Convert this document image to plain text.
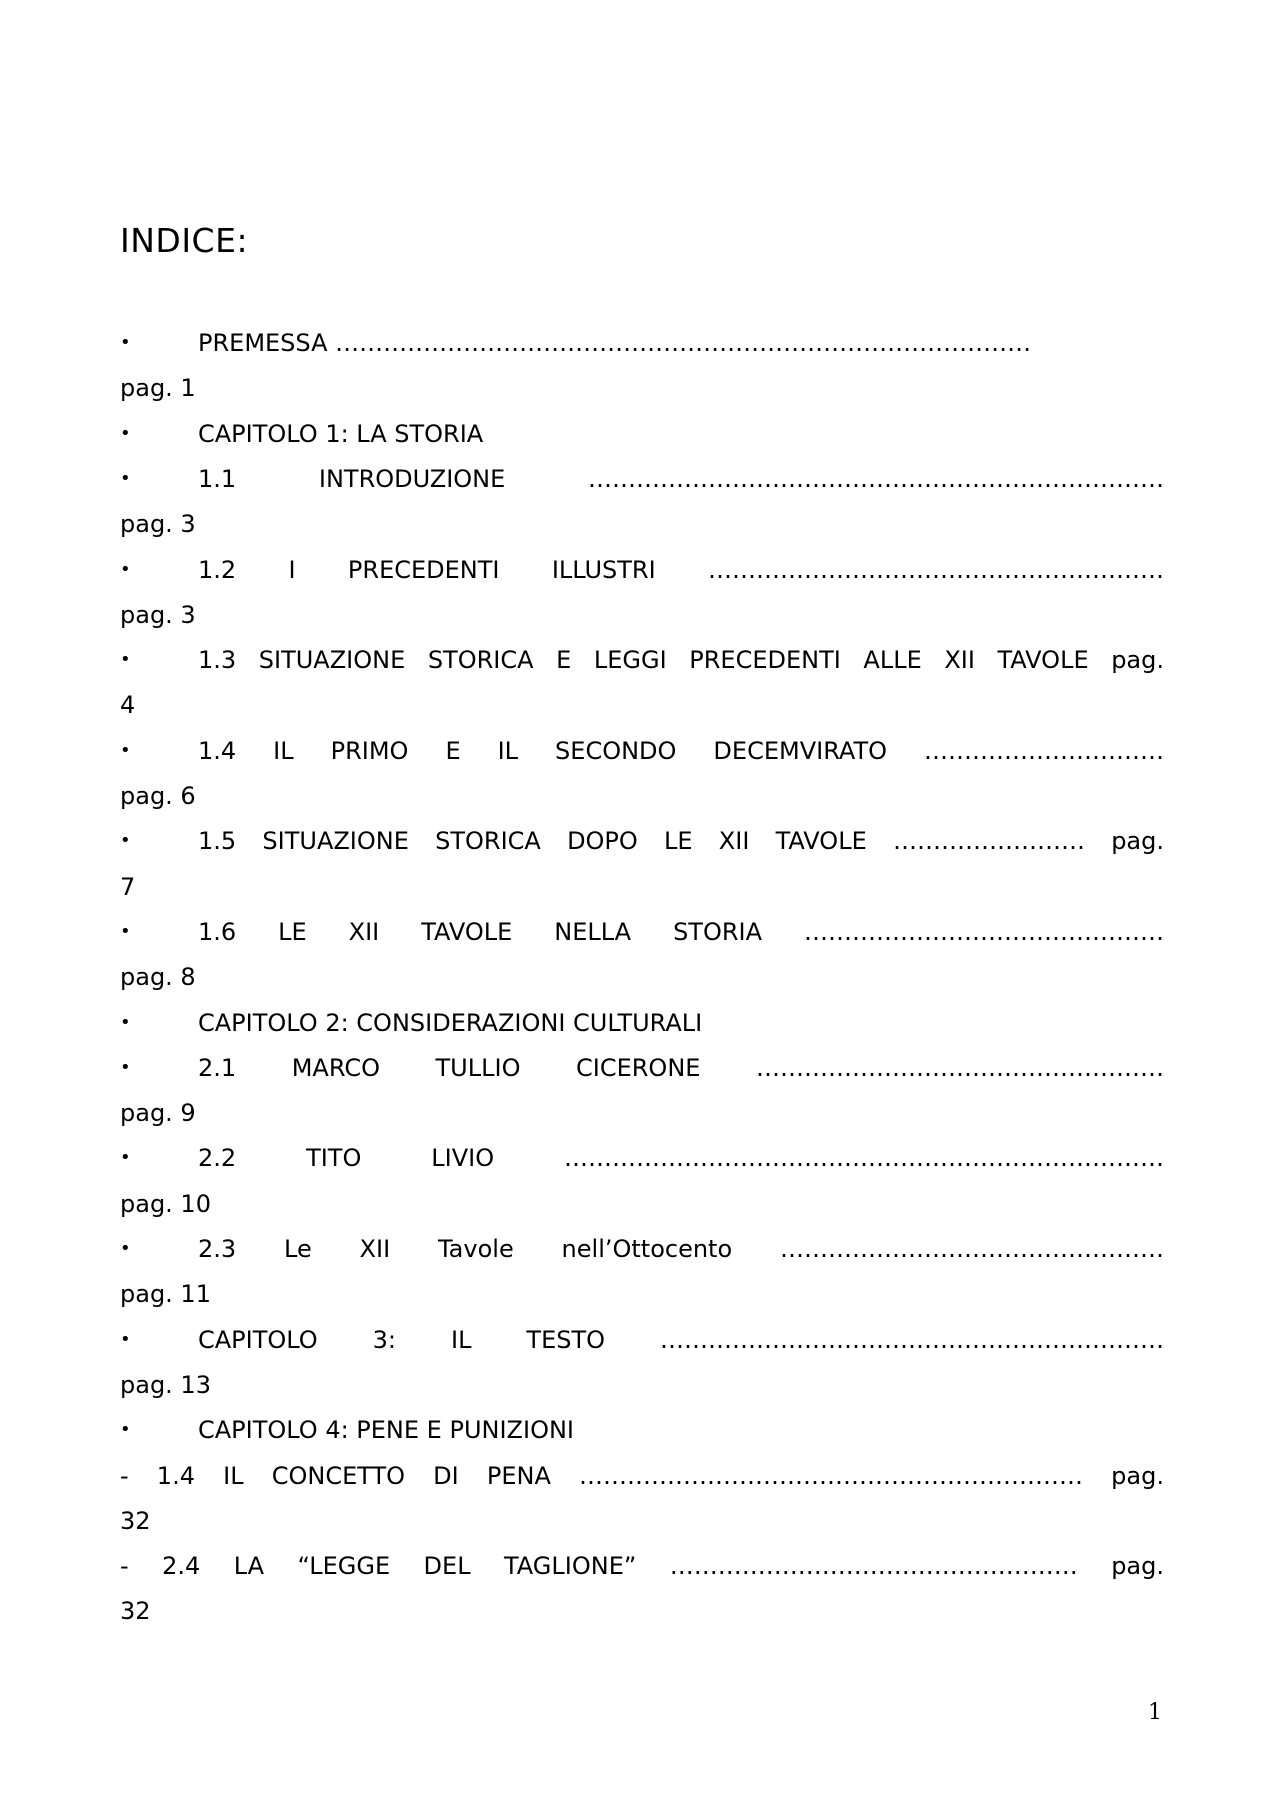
INDICE:
•	PREMESSA ……………………………………………………………………………
pag. 1
•	CAPITOLO 1: LA STORIA
•	1.1 INTRODUZIONE ………………………………………………………………
pag. 3
•	1.2 I PRECEDENTI ILLUSTRI …………………………………………………
pag. 3
•	1.3 SITUAZIONE STORICA E LEGGI PRECEDENTI ALLE XII TAVOLE pag.
4
•	1.4 IL PRIMO E IL SECONDO DECEMVIRATO …………………………
pag. 6
•	1.5 SITUAZIONE STORICA DOPO LE XII TAVOLE …………………… pag.
7
•	1.6 LE XII TAVOLE NELLA STORIA ………………………………………
pag. 8
•	CAPITOLO 2: CONSIDERAZIONI CULTURALI
•	2.1 MARCO TULLIO CICERONE ……………………………………………
pag. 9
•	2.2 TITO LIVIO …………………………………………………………………
pag. 10
•	2.3 Le XII Tavole nell’Ottocento …………………………………………
pag. 11
•	CAPITOLO 3: IL TESTO ………………………………………………………
pag. 13
•	CAPITOLO 4: PENE E PUNIZIONI
- 1.4 IL CONCETTO DI PENA ……………………………………………………… pag.
32
- 2.4 LA “LEGGE DEL TAGLIONE” …………………………………………… pag.
32
1
